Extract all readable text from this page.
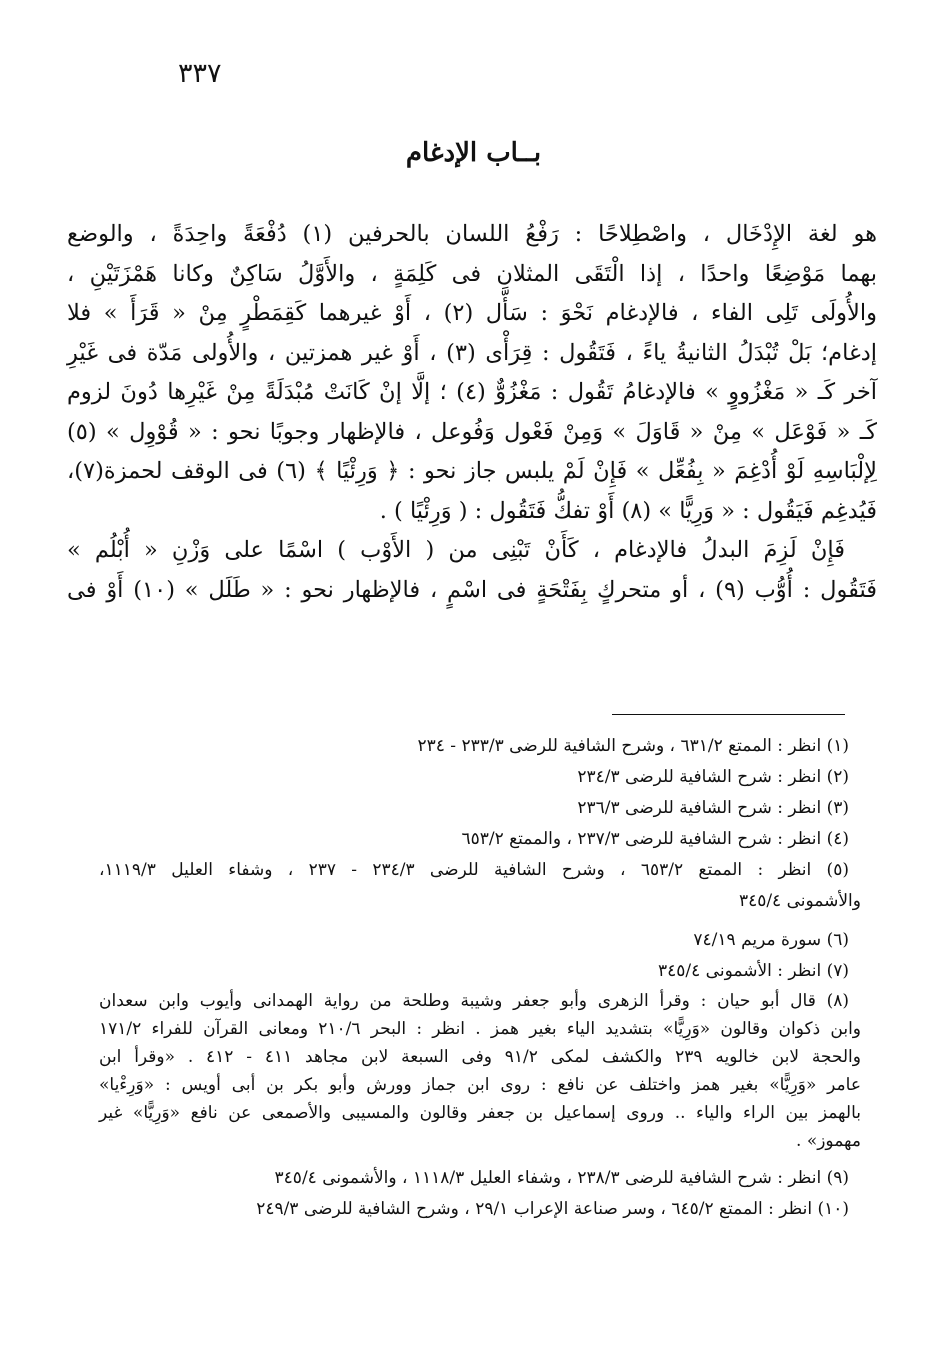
٣٣٧
بــاب الإدغام
هو لغة الإِدْخَال ، واصْطِلاحًا : رَفْعُ اللسان بالحرفين (١) دُفْعَةً واحِدَةً ، والوضع
بهما مَوْضِعًا واحدًا ، إذا الْتَقَى المثلان فى كَلِمَةٍ ، والأَوَّلُ سَاكِنٌ وكانا هَمْزَتَيْنِ ،
والأُولَى تَلِى الفاء ، فالإدغام نَحْوَ : سَأَّل (٢) ، أَوْ غيرهما كَقِمَطْرٍ مِنْ « قَرَأَ » فلا
إدغام؛ بَلْ تُبْدَلُ الثانيةُ ياءً ، فَتَقُول : قِرَأْى (٣) ، أَوْ غير همزتين ، والأُولى مَدّة فى غَيْرِ
آخر كَـ « مَغْزُووٍ » فالإدغامُ تَقُول : مَغْزُوٌّ (٤) ؛ إلَّا إنْ كَانَتْ مُبْدَلَةً مِنْ غَيْرِها دُونَ لزوم
كَـ « فَوْعَل » مِنْ « قَاوَلَ » وَمِنْ فَعْول وَفُوعل ، فالإظهار وجوبًا نحو : « قُوْوِل » (٥)
لِإلْبَاسِهِ لَوْ أُدْغِمَ « بِفُعِّل » فَإِنْ لَمْ يلبس جاز نحو : ﴿ وَرِئْيًا ﴾ (٦) فى الوقف لحمزة(٧)،
فَيُدغِم فَيَقُول : « وَرِيًّا » (٨) أَوْ تفكُّ فَتَقُول : ( وَرِئْيًا ) .
فَإِنْ لَزِمَ البدلُ فالإدغام ، كَأَنْ تَبْنِى من ( الأَوْب ) اسْمًا على وَزْنِ « أُبْلُم »
فَتَقُول : أُوُّب (٩) ، أو متحركٍ بِفَتْحَةٍ فى اسْمٍ ، فالإظهار نحو : « طَلَل » (١٠) أَوْ فى
(١) انظر : الممتع ٦٣١/٢ ، وشرح الشافية للرضى ٢٣٣/٣ - ٢٣٤
(٢) انظر : شرح الشافية للرضى ٢٣٤/٣
(٣) انظر : شرح الشافية للرضى ٢٣٦/٣
(٤) انظر : شرح الشافية للرضى ٢٣٧/٣ ، والممتع ٦٥٣/٢
(٥) انظر : الممتع ٦٥٣/٢ ، وشرح الشافية للرضى ٢٣٤/٣ - ٢٣٧ ، وشفاء العليل ١١١٩/٣،
والأشمونى ٣٤٥/٤
(٦) سورة مريم ٧٤/١٩
(٧) انظر : الأشمونى ٣٤٥/٤
(٨) قال أبو حيان : وقرأ الزهرى وأبو جعفر وشيبة وطلحة من رواية الهمدانى وأيوب وابن سعدان
وابن ذكوان وقالون «وَرِيًّا» بتشديد الياء بغير همز . انظر : البحر ٢١٠/٦ ومعانى القرآن للفراء ١٧١/٢
والحجة لابن خالويه ٢٣٩ والكشف لمكى ٩١/٢ وفى السبعة لابن مجاهد ٤١١ - ٤١٢ . «وقرأ ابن
عامر «وَرِيًّا» بغير همز واختلف عن نافع : روى ابن جماز وورش وأبو بكر بن أبى أويس : «وَرِءْيا»
بالهمز بين الراء والياء .. وروى إسماعيل بن جعفر وقالون والمسيبى والأصمعى عن نافع «وَرِيًّا» غير
مهموز» .
(٩) انظر : شرح الشافية للرضى ٢٣٨/٣ ، وشفاء العليل ١١١٨/٣ ، والأشمونى ٣٤٥/٤
(١٠) انظر : الممتع ٦٤٥/٢ ، وسر صناعة الإعراب ٢٩/١ ، وشرح الشافية للرضى ٢٤٩/٣
